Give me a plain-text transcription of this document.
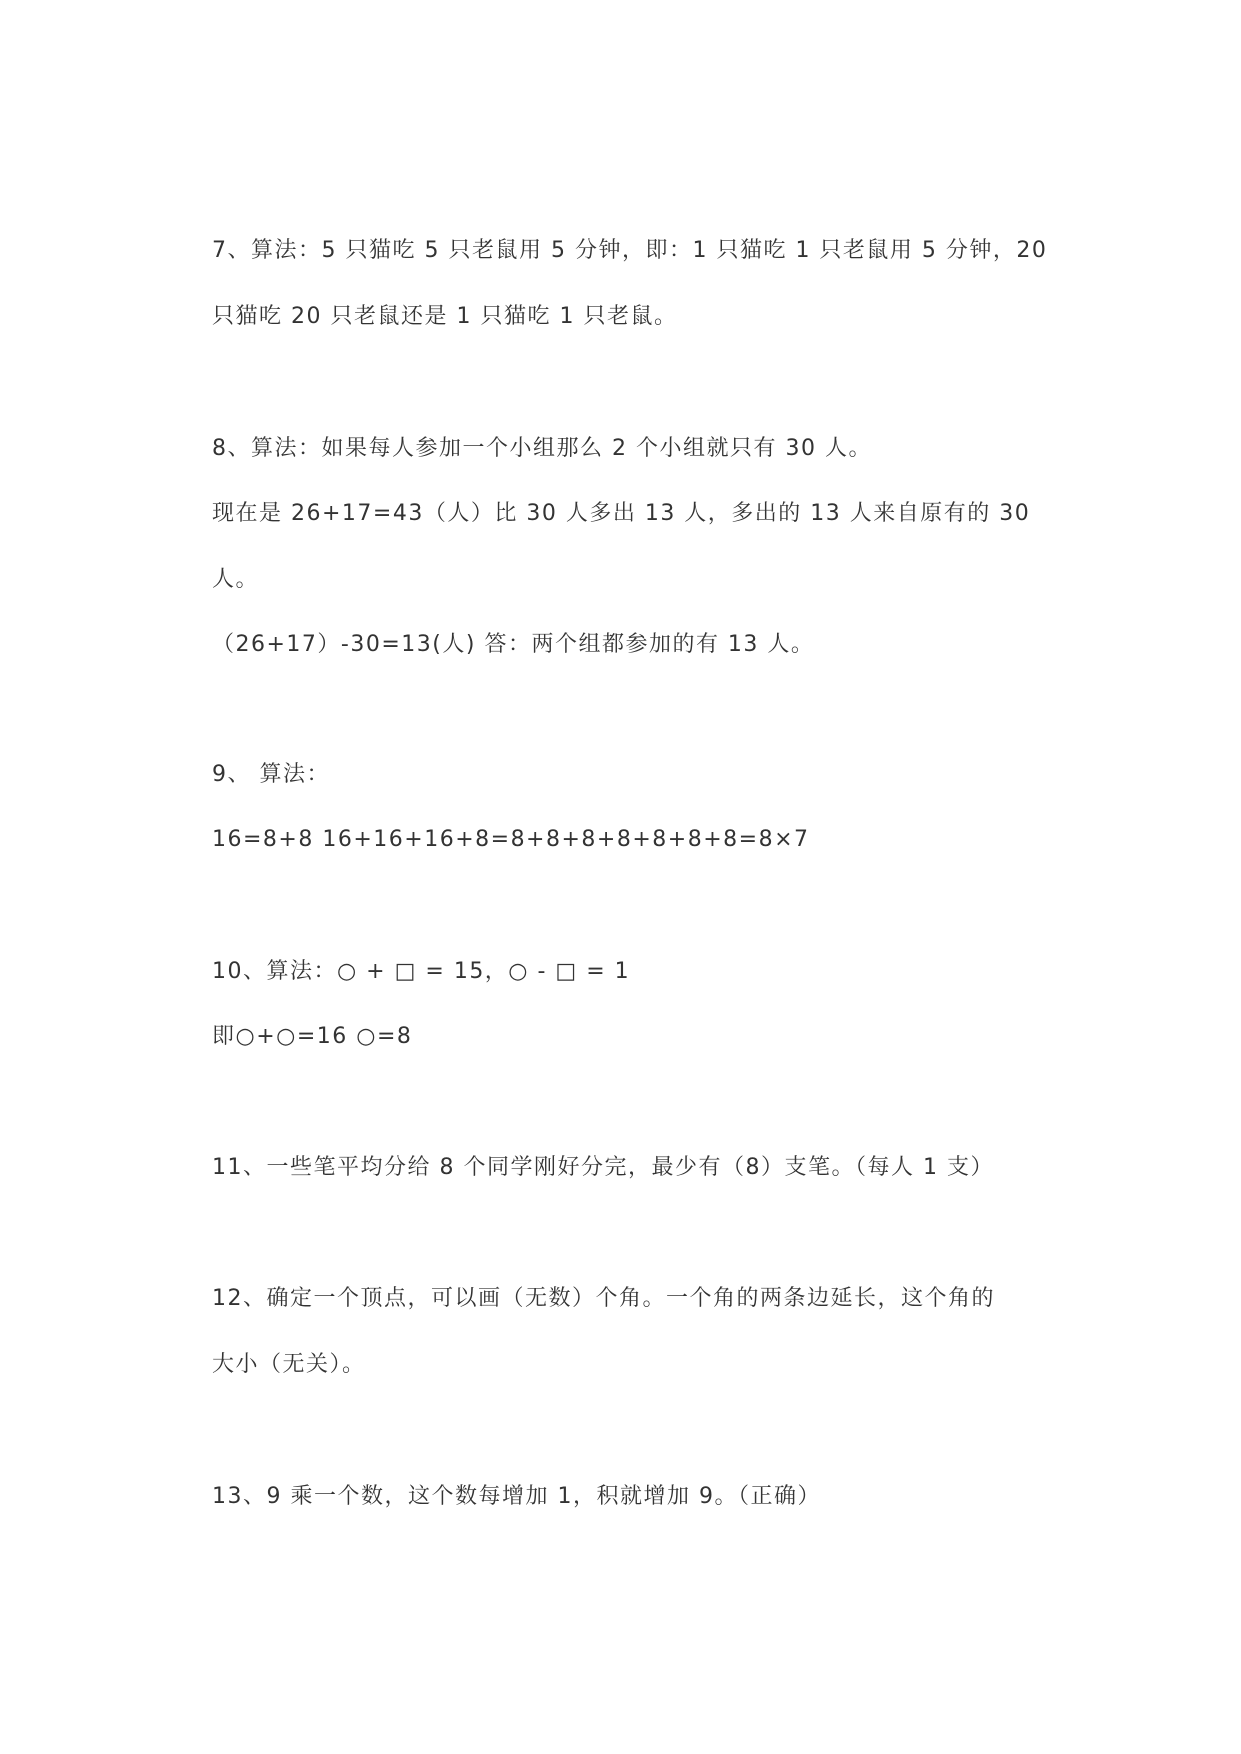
7、算法：5 只猫吃 5 只老鼠用 5 分钟，即：1 只猫吃 1 只老鼠用 5 分钟，20

只猫吃 20 只老鼠还是 1 只猫吃 1 只老鼠。

8、算法：如果每人参加一个小组那么 2 个小组就只有 30 人。

现在是 26+17=43（人）比 30 人多出 13 人，多出的 13 人来自原有的 30

人。

（26+17）-30=13(人) 答：两个组都参加的有 13 人。

9、 算法：

16=8+8 16+16+16+8=8+8+8+8+8+8+8=8×7

10、算法：○ + □ = 15，○ - □ = 1

即○+○=16 ○=8

11、一些笔平均分给 8 个同学刚好分完，最少有（8）支笔。（每人 1 支）

12、确定一个顶点，可以画（无数）个角。一个角的两条边延长，这个角的

大小（无关）。

13、9 乘一个数，这个数每增加 1，积就增加 9。（正确）
